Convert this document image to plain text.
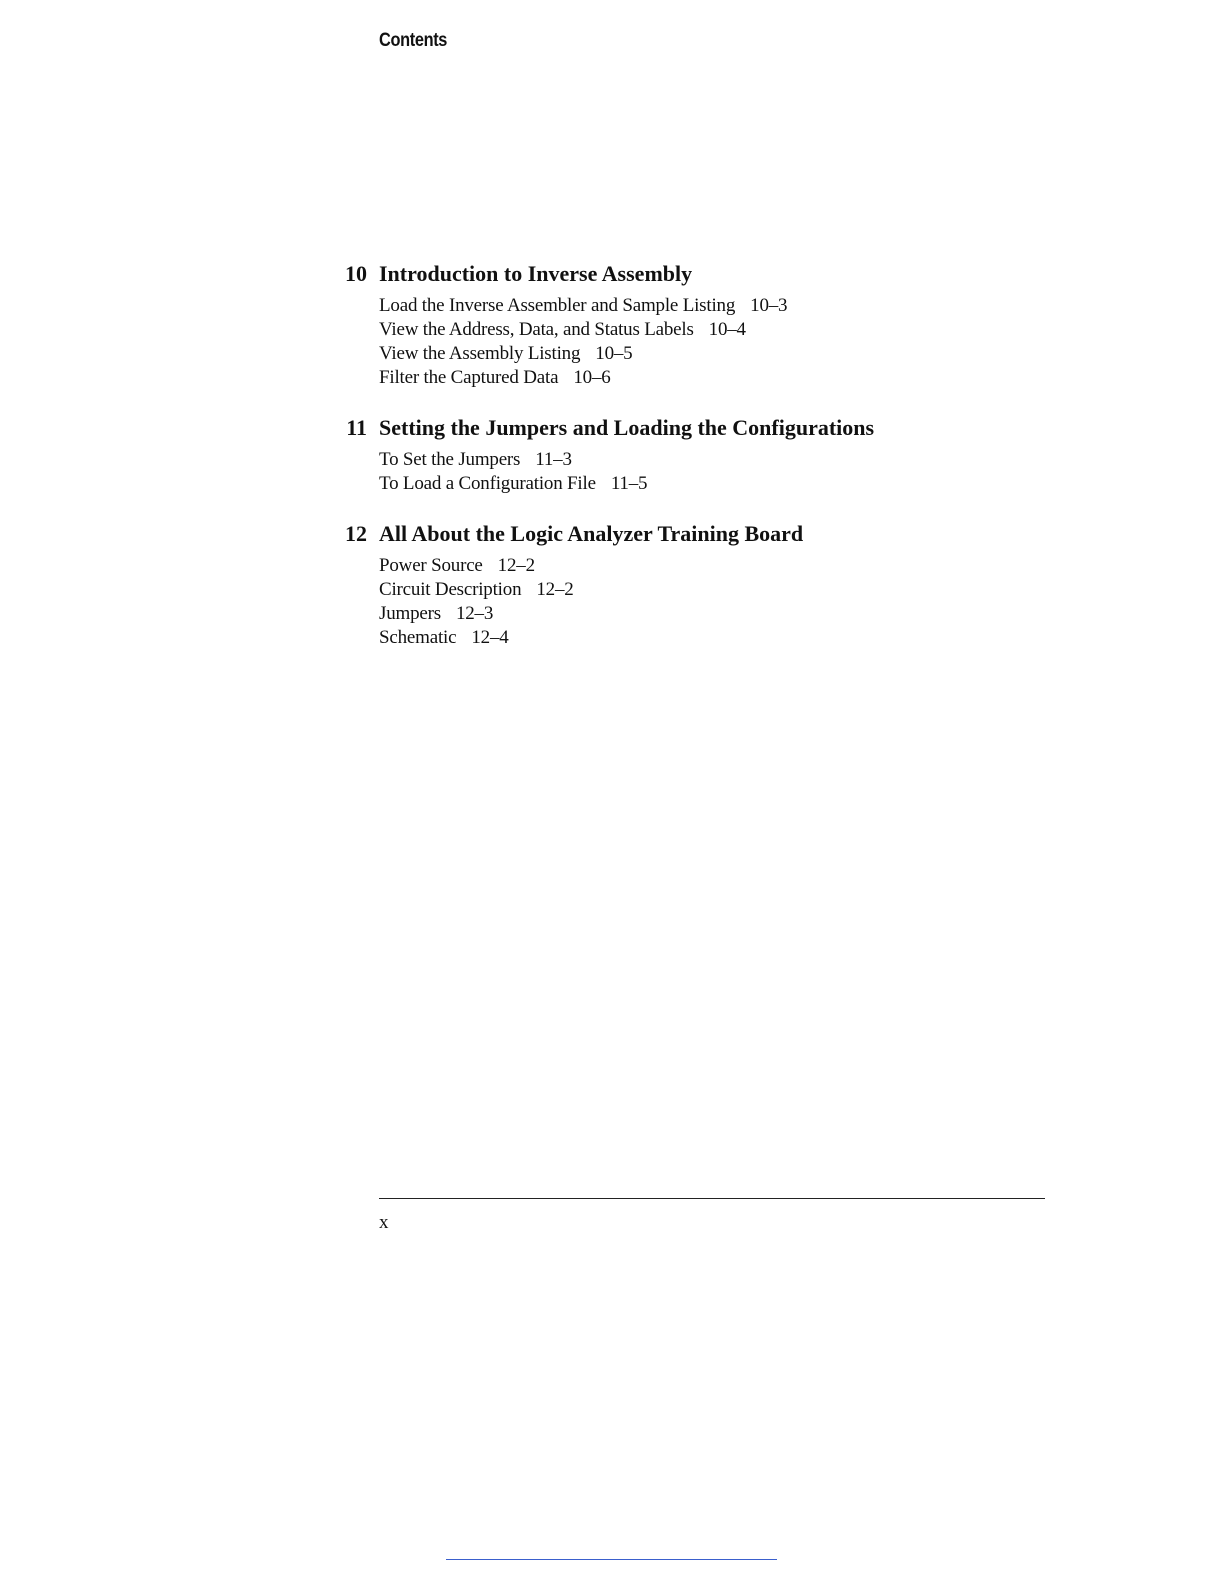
Contents
10 Introduction to Inverse Assembly
Load the Inverse Assembler and Sample Listing 10–3
View the Address, Data, and Status Labels 10–4
View the Assembly Listing 10–5
Filter the Captured Data 10–6
11 Setting the Jumpers and Loading the Configurations
To Set the Jumpers 11–3
To Load a Configuration File 11–5
12 All About the Logic Analyzer Training Board
Power Source 12–2
Circuit Description 12–2
Jumpers 12–3
Schematic 12–4
x
